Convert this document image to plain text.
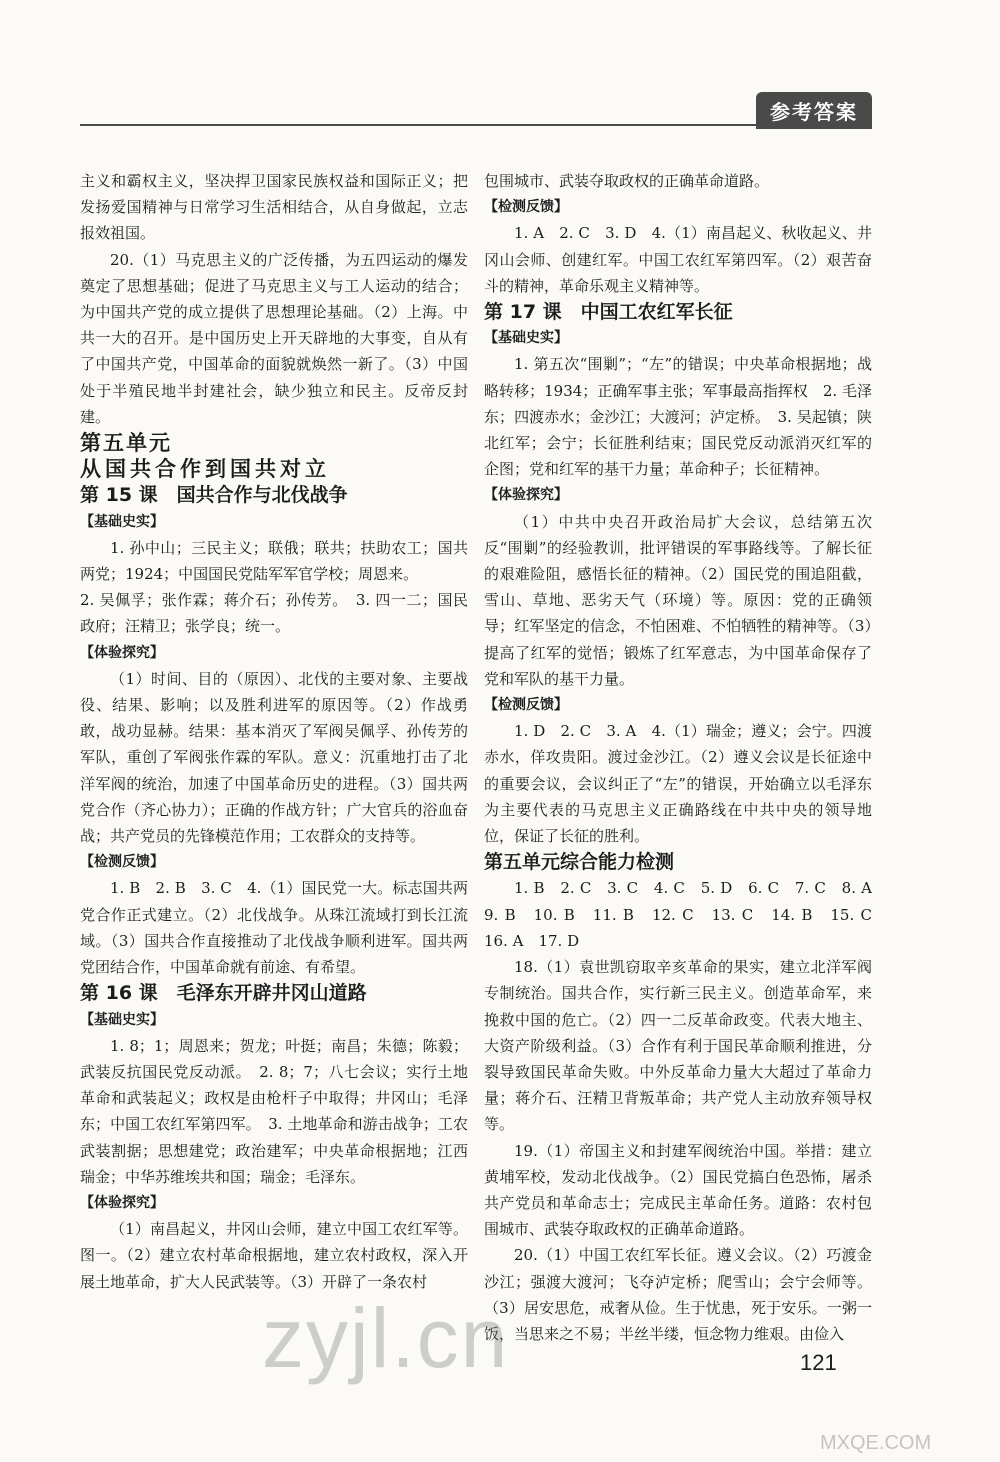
参考答案

主义和霸权主义，坚决捍卫国家民族权益和国际正义；把发扬爱国精神与日常学习生活相结合，从自身做起，立志报效祖国。

20.（1）马克思主义的广泛传播，为五四运动的爆发奠定了思想基础；促进了马克思主义与工人运动的结合；为中国共产党的成立提供了思想理论基础。（2）上海。中共一大的召开。是中国历史上开天辟地的大事变，自从有了中国共产党，中国革命的面貌就焕然一新了。（3）中国处于半殖民地半封建社会，缺少独立和民主。反帝反封建。

第五单元

从国共合作到国共对立

第 15 课　国共合作与北伐战争

【基础史实】

1. 孙中山；三民主义；联俄；联共；扶助农工；国共两党；1924；中国国民党陆军军官学校；周恩来。

2. 吴佩孚；张作霖；蒋介石；孙传芳。　3. 四一二；国民政府；汪精卫；张学良；统一。

【体验探究】

（1）时间、目的（原因）、北伐的主要对象、主要战役、结果、影响；以及胜利进军的原因等。（2）作战勇敢，战功显赫。结果：基本消灭了军阀吴佩孚、孙传芳的军队，重创了军阀张作霖的军队。意义：沉重地打击了北洋军阀的统治，加速了中国革命历史的进程。（3）国共两党合作（齐心协力）；正确的作战方针；广大官兵的浴血奋战；共产党员的先锋模范作用；工农群众的支持等。

【检测反馈】

1. B　2. B　3. C　4.（1）国民党一大。标志国共两党合作正式建立。（2）北伐战争。从珠江流域打到长江流域。（3）国共合作直接推动了北伐战争顺利进军。国共两党团结合作，中国革命就有前途、有希望。

第 16 课　毛泽东开辟井冈山道路

【基础史实】

1. 8；1；周恩来；贺龙；叶挺；南昌；朱德；陈毅；武装反抗国民党反动派。　2. 8；7；八七会议；实行土地革命和武装起义；政权是由枪杆子中取得；井冈山；毛泽东；中国工农红军第四军。　3. 土地革命和游击战争；工农武装割据；思想建党；政治建军；中央革命根据地；江西瑞金；中华苏维埃共和国；瑞金；毛泽东。

【体验探究】

（1）南昌起义，井冈山会师，建立中国工农红军等。图一。（2）建立农村革命根据地，建立农村政权，深入开展土地革命，扩大人民武装等。（3）开辟了一条农村

包围城市、武装夺取政权的正确革命道路。

【检测反馈】

1. A　2. C　3. D　4.（1）南昌起义、秋收起义、井冈山会师、创建红军。中国工农红军第四军。（2）艰苦奋斗的精神，革命乐观主义精神等。

第 17 课　中国工农红军长征

【基础史实】

1. 第五次“围剿”；“左”的错误；中央革命根据地；战略转移；1934；正确军事主张；军事最高指挥权　2. 毛泽东；四渡赤水；金沙江；大渡河；泸定桥。　3. 吴起镇；陕北红军；会宁；长征胜利结束；国民党反动派消灭红军的企图；党和红军的基干力量；革命种子；长征精神。

【体验探究】

（1）中共中央召开政治局扩大会议，总结第五次反“围剿”的经验教训，批评错误的军事路线等。了解长征的艰难险阻，感悟长征的精神。（2）国民党的围追阻截，雪山、草地、恶劣天气（环境）等。原因：党的正确领导；红军坚定的信念，不怕困难、不怕牺牲的精神等。（3）提高了红军的觉悟；锻炼了红军意志，为中国革命保存了党和军队的基干力量。

【检测反馈】

1. D　2. C　3. A　4.（1）瑞金；遵义；会宁。四渡赤水，佯攻贵阳。渡过金沙江。（2）遵义会议是长征途中的重要会议，会议纠正了“左”的错误，开始确立以毛泽东为主要代表的马克思主义正确路线在中共中央的领导地位，保证了长征的胜利。

第五单元综合能力检测

1. B　2. C　3. C　4. C　5. D　6. C　7. C　8. A　9. B　10. B　11. B　12. C　13. C　14. B　15. C　16. A　17. D

18.（1）袁世凯窃取辛亥革命的果实，建立北洋军阀专制统治。国共合作，实行新三民主义。创造革命军，来挽救中国的危亡。（2）四一二反革命政变。代表大地主、大资产阶级利益。（3）合作有利于国民革命顺利推进，分裂导致国民革命失败。中外反革命力量大大超过了革命力量；蒋介石、汪精卫背叛革命；共产党人主动放弃领导权等。

19.（1）帝国主义和封建军阀统治中国。举措：建立黄埔军校，发动北伐战争。（2）国民党搞白色恐怖，屠杀共产党员和革命志士；完成民主革命任务。道路：农村包围城市、武装夺取政权的正确革命道路。

20.（1）中国工农红军长征。遵义会议。（2）巧渡金沙江；强渡大渡河；飞夺泸定桥；爬雪山；会宁会师等。（3）居安思危，戒奢从俭。生于忧患，死于安乐。一粥一饭，当思来之不易；半丝半缕，恒念物力维艰。由俭入

121
zyjl.cn
MXQE.COM
